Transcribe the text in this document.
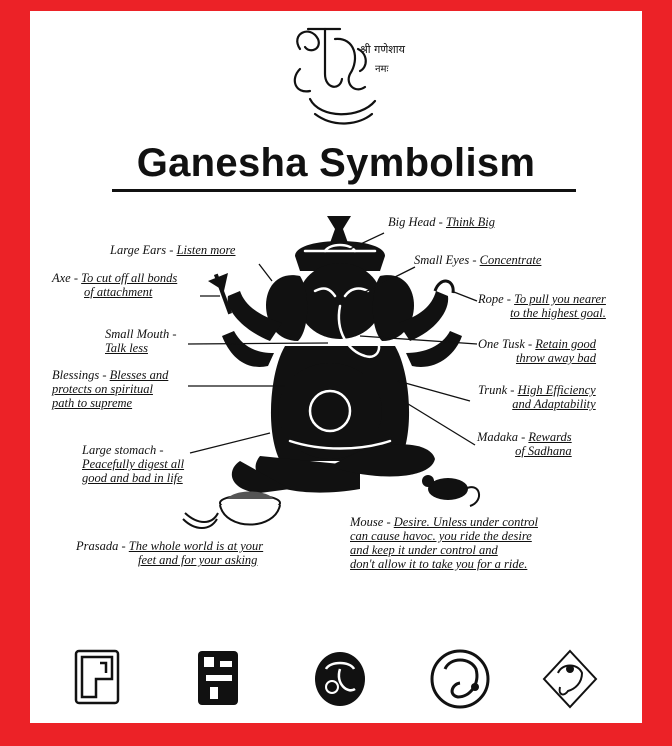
श्री गणेशाय
नमः
Ganesha Symbolism
Big Head - Think Big
Large Ears - Listen more
Small Eyes - Concentrate
Axe - To cut off all bonds
of attachment	Rope - To pull you nearer
to the highest goal.
Small Mouth -
Talk less	One Tusk - Retain good
throw away bad
Blessings - Blesses and
protects on spiritual
path to supreme
Trunk - High Efficiency
and Adaptability
Madaka - Rewards
of Sadhana
Large stomach -
Peacefully digest all
good and bad in life
Mouse - Desire. Unless under control
can cause havoc. you ride the desire
and keep it under control and
don't allow it to take you for a ride.
Prasada - The whole world is at your
feet and for your asking
